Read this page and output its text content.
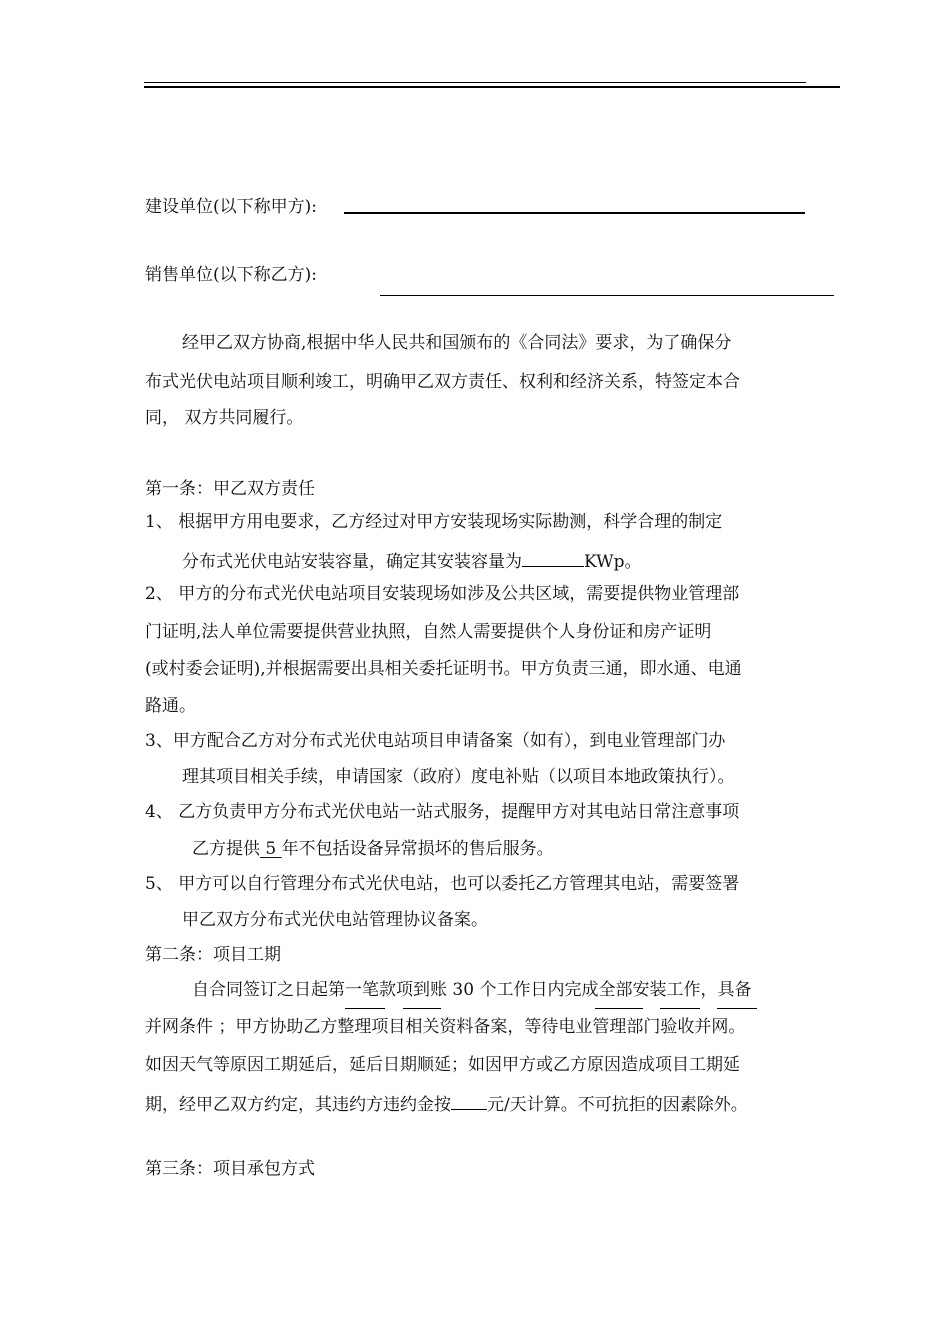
建设单位(以下称甲方):
销售单位(以下称乙方):
经甲乙双方协商,根据中华人民共和国颁布的《合同法》要求，为了确保分
布式光伏电站项目顺利竣工，明确甲乙双方责任、权利和经济关系，特签定本合
同， 双方共同履行。
第一条：甲乙双方责任
1、 根据甲方用电要求，乙方经过对甲方安装现场实际勘测，科学合理的制定
分布式光伏电站安装容量，确定其安装容量为	KWp。
2、 甲方的分布式光伏电站项目安装现场如涉及公共区域，需要提供物业管理部
门证明,法人单位需要提供营业执照，自然人需要提供个人身份证和房产证明
(或村委会证明),并根据需要出具相关委托证明书。甲方负责三通，即水通、电通
路通。
3、甲方配合乙方对分布式光伏电站项目申请备案（如有），到电业管理部门办
理其项目相关手续，申请国家（政府）度电补贴（以项目本地政策执行）。
4、 乙方负责甲方分布式光伏电站一站式服务，提醒甲方对其电站日常注意事项
乙方提供 5 年不包括设备异常损坏的售后服务。
5、 甲方可以自行管理分布式光伏电站，也可以委托乙方管理其电站，需要签署
甲乙双方分布式光伏电站管理协议备案。
第二条：项目工期
自合同签订之日起第一笔款项到账 30 个工作日内完成全部安装工作，具备
并网条件 ；甲方协助乙方整理项目相关资料备案，等待电业管理部门验收并网。
如因天气等原因工期延后，延后日期顺延；如因甲方或乙方原因造成项目工期延
期，经甲乙双方约定，其违约方违约金按 元/天计算。不可抗拒的因素除外。
第三条：项目承包方式
